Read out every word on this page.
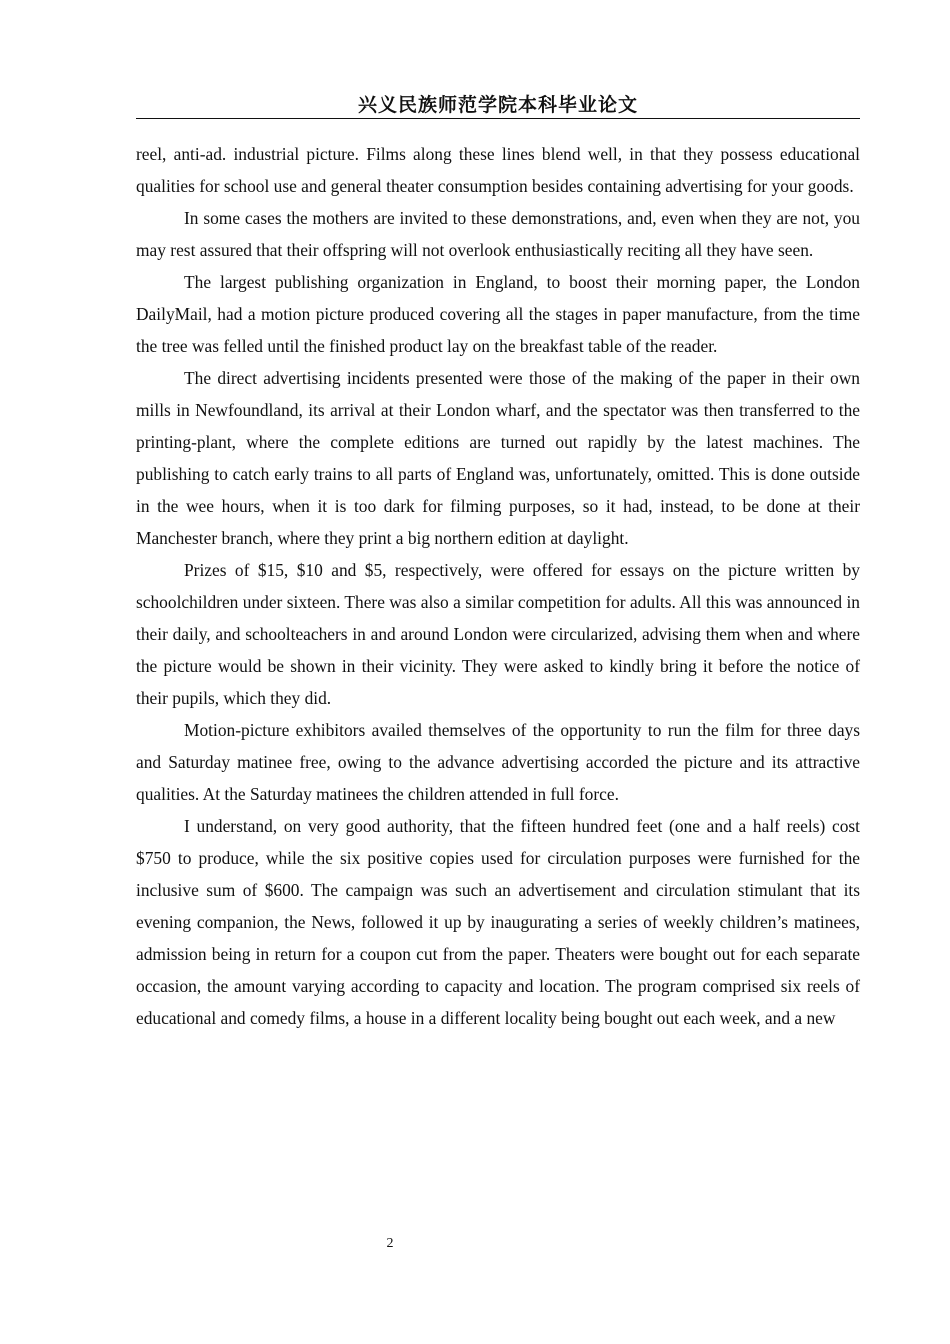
兴义民族师范学院本科毕业论文

reel, anti-ad. industrial picture. Films along these lines blend well, in that they possess educational qualities for school use and general theater consumption besides containing advertising for your goods.

In some cases the mothers are invited to these demonstrations, and, even when they are not, you may rest assured that their offspring will not overlook enthusiastically reciting all they have seen.

The largest publishing organization in England, to boost their morning paper, the London DailyMail, had a motion picture produced covering all the stages in paper manufacture, from the time the tree was felled until the finished product lay on the breakfast table of the reader.

The direct advertising incidents presented were those of the making of the paper in their own mills in Newfoundland, its arrival at their London wharf, and the spectator was then transferred to the printing-plant, where the complete editions are turned out rapidly by the latest machines. The publishing to catch early trains to all parts of England was, unfortunately, omitted. This is done outside in the wee hours, when it is too dark for filming purposes, so it had, instead, to be done at their Manchester branch, where they print a big northern edition at daylight.

Prizes of $15, $10 and $5, respectively, were offered for essays on the picture written by schoolchildren under sixteen. There was also a similar competition for adults. All this was announced in their daily, and schoolteachers in and around London were circularized, advising them when and where the picture would be shown in their vicinity. They were asked to kindly bring it before the notice of their pupils, which they did.

Motion-picture exhibitors availed themselves of the opportunity to run the film for three days and Saturday matinee free, owing to the advance advertising accorded the picture and its attractive qualities. At the Saturday matinees the children attended in full force.

I understand, on very good authority, that the fifteen hundred feet (one and a half reels) cost $750 to produce, while the six positive copies used for circulation purposes were furnished for the inclusive sum of $600. The campaign was such an advertisement and circulation stimulant that its evening companion, the News, followed it up by inaugurating a series of weekly children’s matinees, admission being in return for a coupon cut from the paper. Theaters were bought out for each separate occasion, the amount varying according to capacity and location. The program comprised six reels of educational and comedy films, a house in a different locality being bought out each week, and a new

2
